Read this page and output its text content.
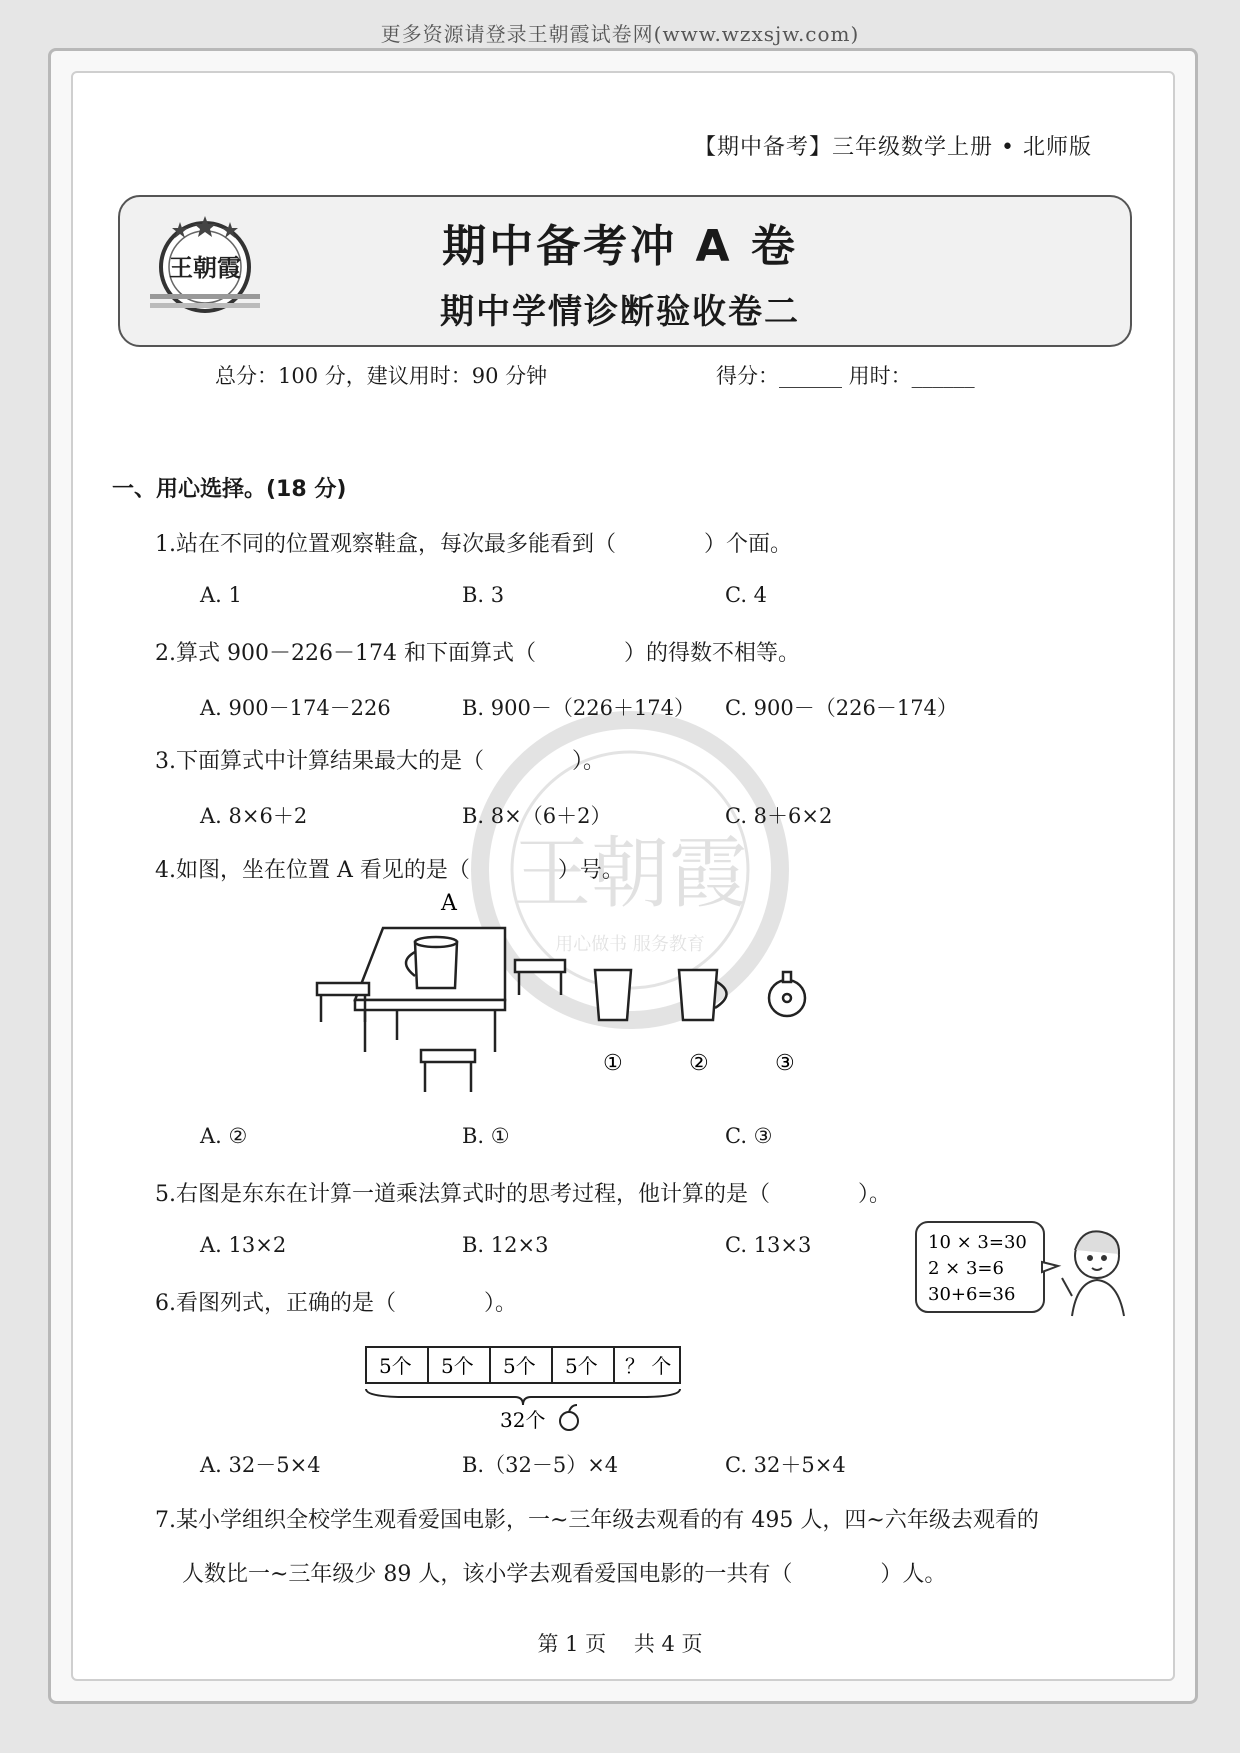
更多资源请登录王朝霞试卷网(www.wzxsjw.com)
【期中备考】三年级数学上册 • 北师版
王朝霞	期中备考冲 A 卷
期中学情诊断验收卷二
总分：100 分，建议用时：90 分钟	得分：______ 用时：______
一、用心选择。(18 分)
1.站在不同的位置观察鞋盒，每次最多能看到（　　　　）个面。
A. 1	B. 3	C. 4
2.算式 900－226－174 和下面算式（　　　　）的得数不相等。
A. 900－174－226	B. 900－（226＋174） C. 900－（226－174）
3.下面算式中计算结果最大的是（　　　　）。
A. 8×6＋2	B. 8×（6＋2）	C. 8＋6×2
4.如图，坐在位置 A 看见的是（　　　　）号。
A
①	②	③
A. ②	B. ①	C. ③
5.右图是东东在计算一道乘法算式时的思考过程，他计算的是（　　　　）。
A. 13×2	B. 12×3	C. 13×3	10 × 3=30
2 × 3=6
30+6=36
6.看图列式，正确的是（　　　　）。
5个 5个 5个 5个 ？ 个
32个
A. 32－5×4	B.（32－5）×4	C. 32＋5×4
7.某小学组织全校学生观看爱国电影，一~三年级去观看的有 495 人，四~六年级去观看的
人数比一~三年级少 89 人，该小学去观看爱国电影的一共有（　　　　）人。
第 1 页　 共 4 页
